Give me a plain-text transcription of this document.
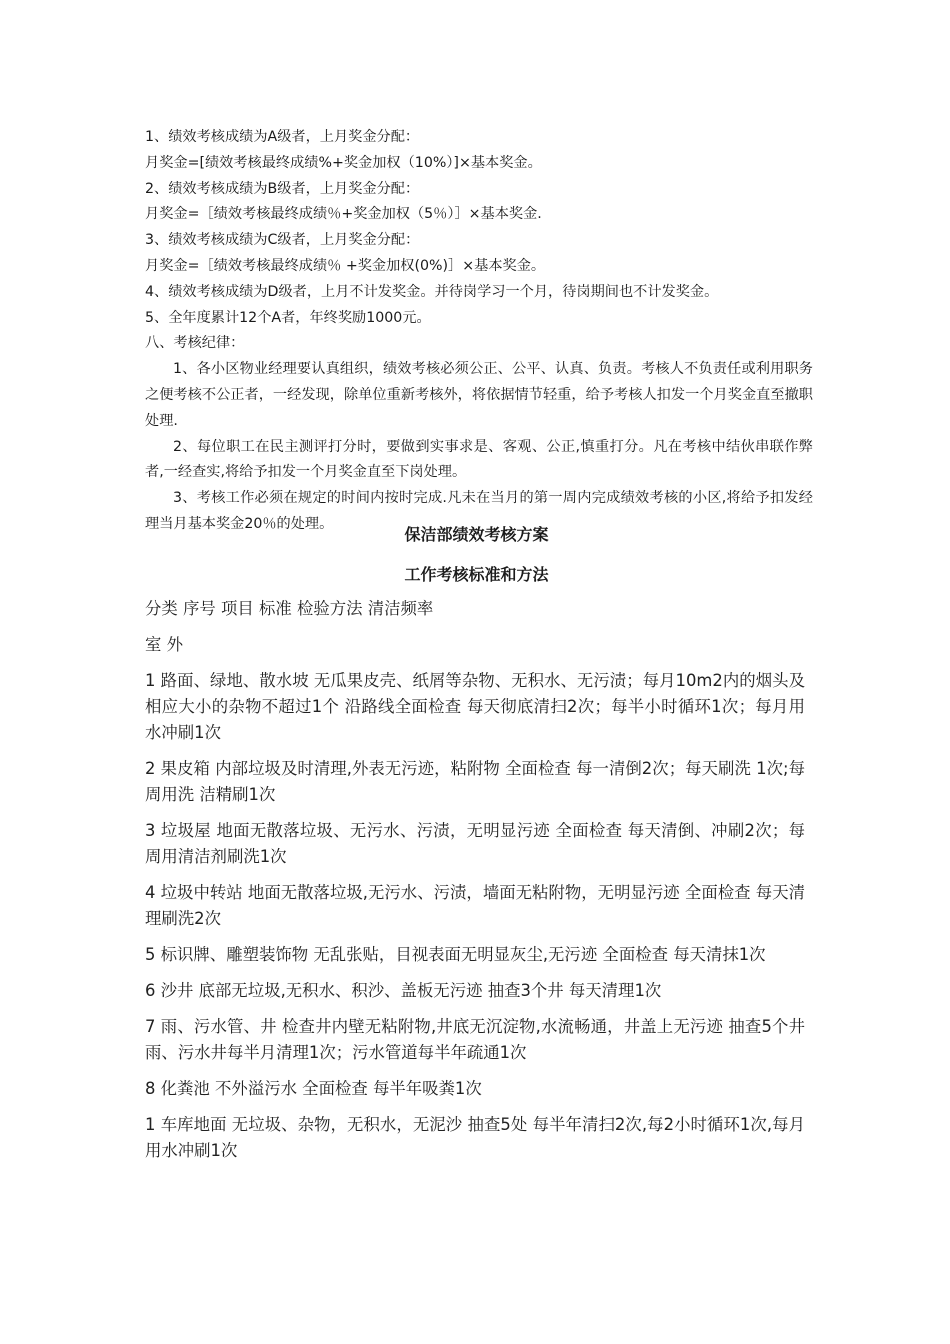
1、绩效考核成绩为A级者，上月奖金分配：

月奖金=[绩效考核最终成绩%+奖金加权（10%）]×基本奖金。

2、绩效考核成绩为B级者，上月奖金分配：

月奖金=［绩效考核最终成绩％+奖金加权（5％）］×基本奖金.

3、绩效考核成绩为C级者，上月奖金分配：

月奖金=［绩效考核最终成绩％ +奖金加权(0%)］×基本奖金。

4、绩效考核成绩为D级者，上月不计发奖金。并待岗学习一个月，待岗期间也不计发奖金。

5、全年度累计12个A者，年终奖励1000元。

八、考核纪律：

1、各小区物业经理要认真组织，绩效考核必须公正、公平、认真、负责。考核人不负责任或利用职务之便考核不公正者，一经发现，除单位重新考核外，将依据情节轻重，给予考核人扣发一个月奖金直至撤职处理.

2、每位职工在民主测评打分时，要做到实事求是、客观、公正,慎重打分。凡在考核中结伙串联作弊者,一经查实,将给予扣发一个月奖金直至下岗处理。

3、考核工作必须在规定的时间内按时完成.凡未在当月的第一周内完成绩效考核的小区,将给予扣发经理当月基本奖金20％的处理。

保洁部绩效考核方案

工作考核标准和方法

分类 序号 项目 标准 检验方法 清洁频率

室 外

1 路面、绿地、散水坡 无瓜果皮壳、纸屑等杂物、无积水、无污渍；每月10m2内的烟头及相应大小的杂物不超过1个 沿路线全面检查 每天彻底清扫2次；每半小时循环1次；每月用水冲刷1次

2 果皮箱 内部垃圾及时清理,外表无污迹，粘附物 全面检查 每一清倒2次；每天刷洗 1次;每周用洗 洁精刷1次

3 垃圾屋 地面无散落垃圾、无污水、污渍，无明显污迹 全面检查 每天清倒、冲刷2次；每周用清洁剂刷洗1次

4 垃圾中转站 地面无散落垃圾,无污水、污渍，墙面无粘附物，无明显污迹 全面检查 每天清理刷洗2次

5 标识牌、雕塑装饰物 无乱张贴，目视表面无明显灰尘,无污迹 全面检查 每天清抹1次

6 沙井 底部无垃圾,无积水、积沙、盖板无污迹 抽查3个井 每天清理1次

7 雨、污水管、井 检查井内壁无粘附物,井底无沉淀物,水流畅通，井盖上无污迹 抽查5个井 雨、污水井每半月清理1次；污水管道每半年疏通1次

8 化粪池 不外溢污水 全面检查 每半年吸粪1次

1 车库地面 无垃圾、杂物，无积水，无泥沙 抽查5处 每半年清扫2次,每2小时循环1次,每月用水冲刷1次
